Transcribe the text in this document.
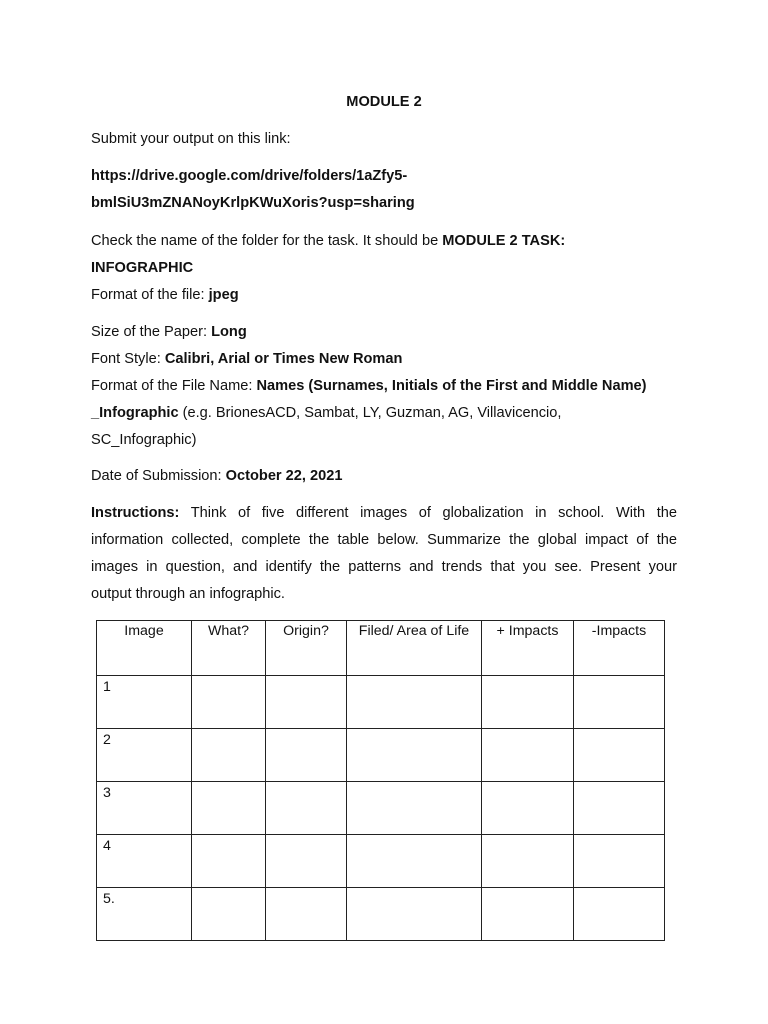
MODULE 2
Submit your output on this link:
https://drive.google.com/drive/folders/1aZfy5-
bmlSiU3mZNANoyKrlpKWuXoris?usp=sharing
Check the name of the folder for the task. It should be MODULE 2 TASK:
INFOGRAPHIC
Format of the file: jpeg
Size of the Paper: Long
Font Style: Calibri, Arial or Times New Roman
Format of the File Name: Names (Surnames, Initials of the First and Middle Name)
_Infographic (e.g. BrionesACD, Sambat, LY, Guzman, AG, Villavicencio,
SC_Infographic)
Date of Submission: October 22, 2021
Instructions: Think of five different images of globalization in school. With the
information collected, complete the table below. Summarize the global impact of the
images in question, and identify the patterns and trends that you see. Present your
output through an infographic.
Image	What?	Origin?	Filed/ Area of Life	+ Impacts	-Impacts
1					
2					
3					
4					
5.					
